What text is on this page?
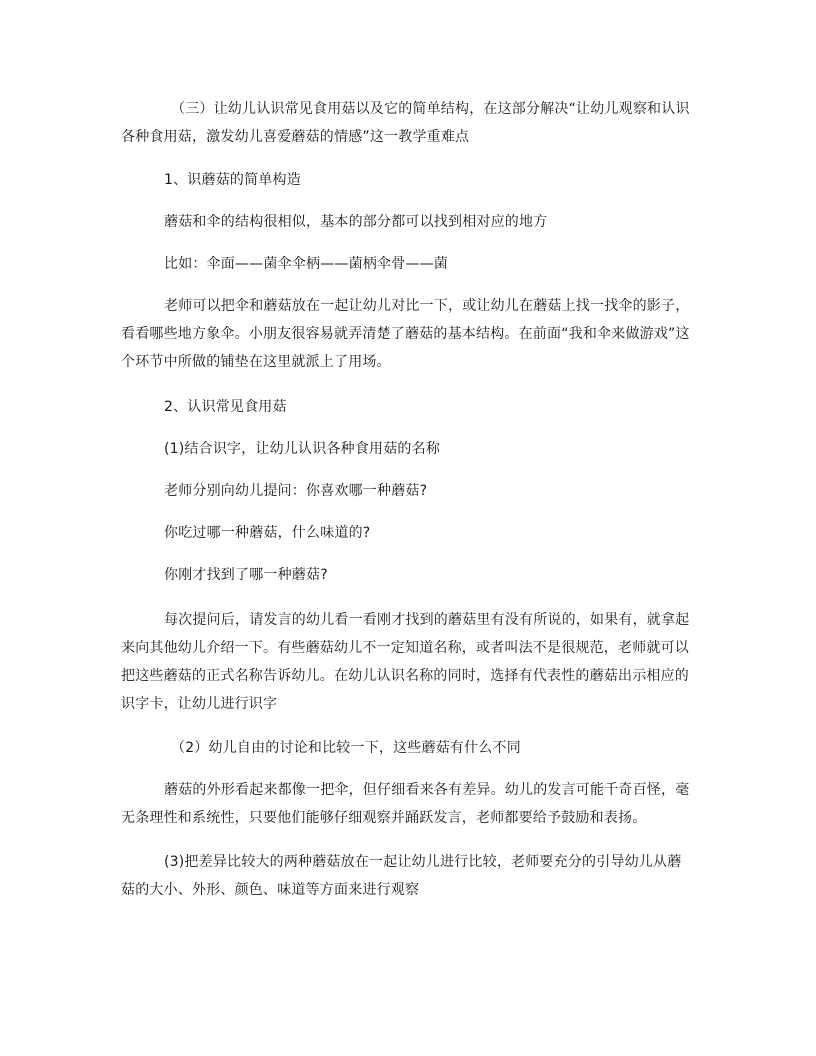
（三）让幼儿认识常见食用菇以及它的简单结构，在这部分解决“让幼儿观察和认识各种食用菇，激发幼儿喜爱蘑菇的情感”这一教学重难点

1、识蘑菇的简单构造

蘑菇和伞的结构很相似，基本的部分都可以找到相对应的地方

比如：伞面——菌伞伞柄——菌柄伞骨——菌

老师可以把伞和蘑菇放在一起让幼儿对比一下，或让幼儿在蘑菇上找一找伞的影子，看看哪些地方象伞。小朋友很容易就弄清楚了蘑菇的基本结构。在前面“我和伞来做游戏”这个环节中所做的铺垫在这里就派上了用场。

2、认识常见食用菇

(1)结合识字，让幼儿认识各种食用菇的名称

老师分别向幼儿提问：你喜欢哪一种蘑菇?

你吃过哪一种蘑菇，什么味道的?

你刚才找到了哪一种蘑菇?

每次提问后，请发言的幼儿看一看刚才找到的蘑菇里有没有所说的，如果有，就拿起来向其他幼儿介绍一下。有些蘑菇幼儿不一定知道名称，或者叫法不是很规范，老师就可以把这些蘑菇的正式名称告诉幼儿。在幼儿认识名称的同时，选择有代表性的蘑菇出示相应的识字卡，让幼儿进行识字

（2）幼儿自由的讨论和比较一下，这些蘑菇有什么不同

蘑菇的外形看起来都像一把伞，但仔细看来各有差异。幼儿的发言可能千奇百怪，毫无条理性和系统性，只要他们能够仔细观察并踊跃发言，老师都要给予鼓励和表扬。

(3)把差异比较大的两种蘑菇放在一起让幼儿进行比较，老师要充分的引导幼儿从蘑菇的大小、外形、颜色、味道等方面来进行观察
